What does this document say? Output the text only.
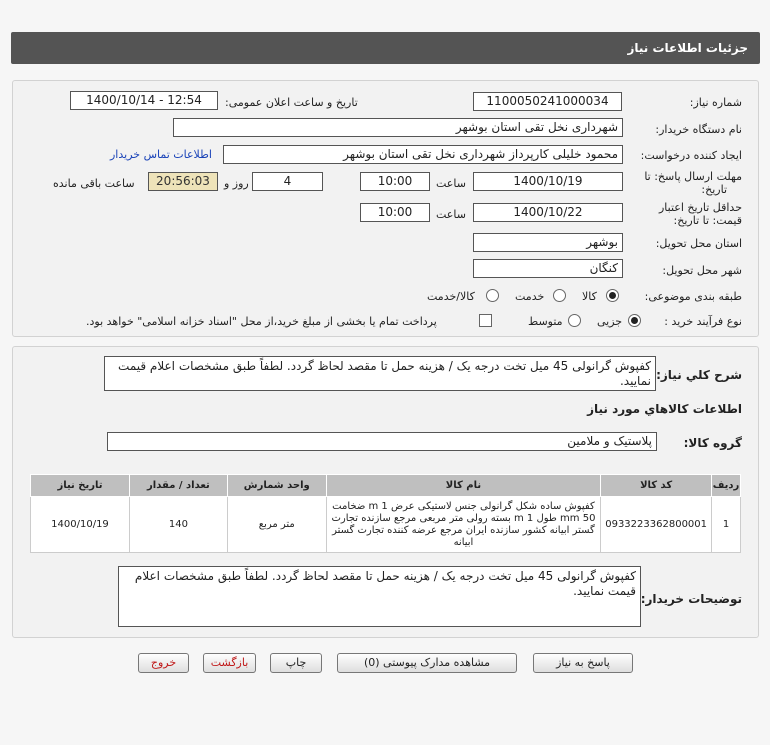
جزئیات اطلاعات نیاز
شماره نیاز:
1100050241000034
تاریخ و ساعت اعلان عمومی:
1400/10/14 - 12:54
نام دستگاه خریدار:
شهرداری نخل تقی استان بوشهر
ایجاد کننده درخواست:
محمود خلیلی کارپرداز شهرداری نخل تقی استان بوشهر
اطلاعات تماس خریدار
مهلت ارسال پاسخ: تا
تاریخ:
1400/10/19
ساعت
10:00
4
روز و
20:56:03
ساعت باقی مانده
حداقل تاریخ اعتبار
قیمت: تا تاریخ:
1400/10/22
ساعت
10:00
استان محل تحویل:
بوشهر
شهر محل تحویل:
کنگان
طبقه بندی موضوعی:
کالا
خدمت
کالا/خدمت
نوع فرآیند خرید :
جزیی
متوسط
پرداخت تمام یا بخشی از مبلغ خرید،از محل "اسناد خزانه اسلامی" خواهد بود.
شرح کلي نياز:
کفپوش گرانولی 45 میل تخت درجه یک / هزینه حمل تا مقصد لحاظ گردد. لطفاً طبق مشخصات اعلام قیمت نمایید.
اطلاعات کالاهاي مورد نياز
گروه کالا:
پلاستیک و ملامین
ردیف	کد کالا	نام کالا	واحد شمارش	تعداد / مقدار	تاریخ نیاز
1	0933223362800001	کفپوش ساده شکل گرانولی جنس لاستیکی عرض m 1 ضخامت mm 50 طول m 1 بسته رولی متر مربعی مرجع سازنده تجارت گستر ابیانه کشور سازنده ایران مرجع عرضه کننده تجارت گستر ابیانه	متر مربع	140	1400/10/19
توضیحات خریدار:
کفپوش گرانولی 45 میل تخت درجه یک / هزینه حمل تا مقصد لحاظ گردد. لطفاً طبق مشخصات اعلام قیمت نمایید.
پاسخ به نیاز
مشاهده مدارک پیوستی (0)
چاپ
بازگشت
خروج
